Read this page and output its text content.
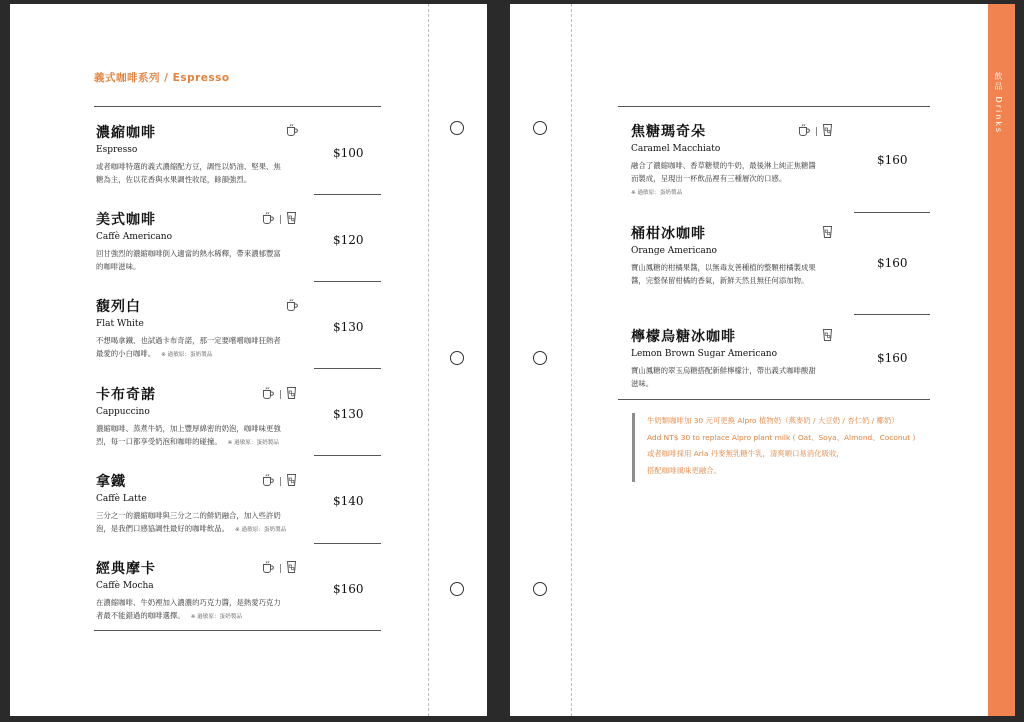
義式咖啡系列 / Espresso
濃縮咖啡
Espresso
或者咖啡特選的義式濃縮配方豆，調性以奶油、堅果、焦
糖為主，佐以花香與水果調性收尾，餘韻強烈。
$100
美式咖啡
Caffè Americano
回甘強烈的濃縮咖啡倒入適當的熱水稀釋，帶來濃郁豐富
的咖啡滋味。
$120
馥列白
Flat White
不想喝拿鐵、也試過卡布奇諾，那一定要嚐嚐咖啡狂熱者
最愛的小白咖啡。 ※ 過敏原：蛋奶製品
$130
卡布奇諾
Cappuccino
濃縮咖啡、蒸煮牛奶，加上豐厚綿密的奶泡，咖啡味更強
烈，每一口都享受奶泡和咖啡的碰撞。 ※ 過敏原：蛋奶製品
$130
拿鐵
Caffè Latte
三分之一的濃縮咖啡與三分之二的鮮奶融合，加入些許奶
泡，是我們口感協調性最好的咖啡飲品。 ※ 過敏原：蛋奶製品
$140
經典摩卡
Caffè Mocha
在濃縮咖啡、牛奶裡加入濃濃的巧克力醬，是熱愛巧克力
者最不能錯過的咖啡選擇。 ※ 過敏原：蛋奶製品
$160
飲品 Drinks
焦糖瑪奇朵
Caramel Macchiato
融合了濃縮咖啡、香草糖漿的牛奶，最後淋上純正焦糖醬
而製成，呈現出一杯飲品裡有三種層次的口感。
※ 過敏原：蛋奶製品
$160
桶柑冰咖啡
Orange Americano
寶山鳳糖的柑橘果醬，以無毒友善種植的整顆柑橘製成果
醬，完整保留柑橘的香氣，新鮮天然且無任何添加物。
$160
檸檬烏糖冰咖啡
Lemon Brown Sugar Americano
寶山鳳糖的翠玉烏糖搭配新鮮檸檬汁，帶出義式咖啡酸甜
滋味。
$160
牛奶類咖啡加 30 元可更換 Alpro 植物奶（燕麥奶 / 大豆奶 / 杏仁奶 / 椰奶）
Add NT$ 30 to replace Alpro plant milk ( Oat、Soya、Almond、Coconut )
或者咖啡採用 Arla 丹麥無乳糖牛乳，清爽順口易消化吸收，
搭配咖啡風味更融合。
